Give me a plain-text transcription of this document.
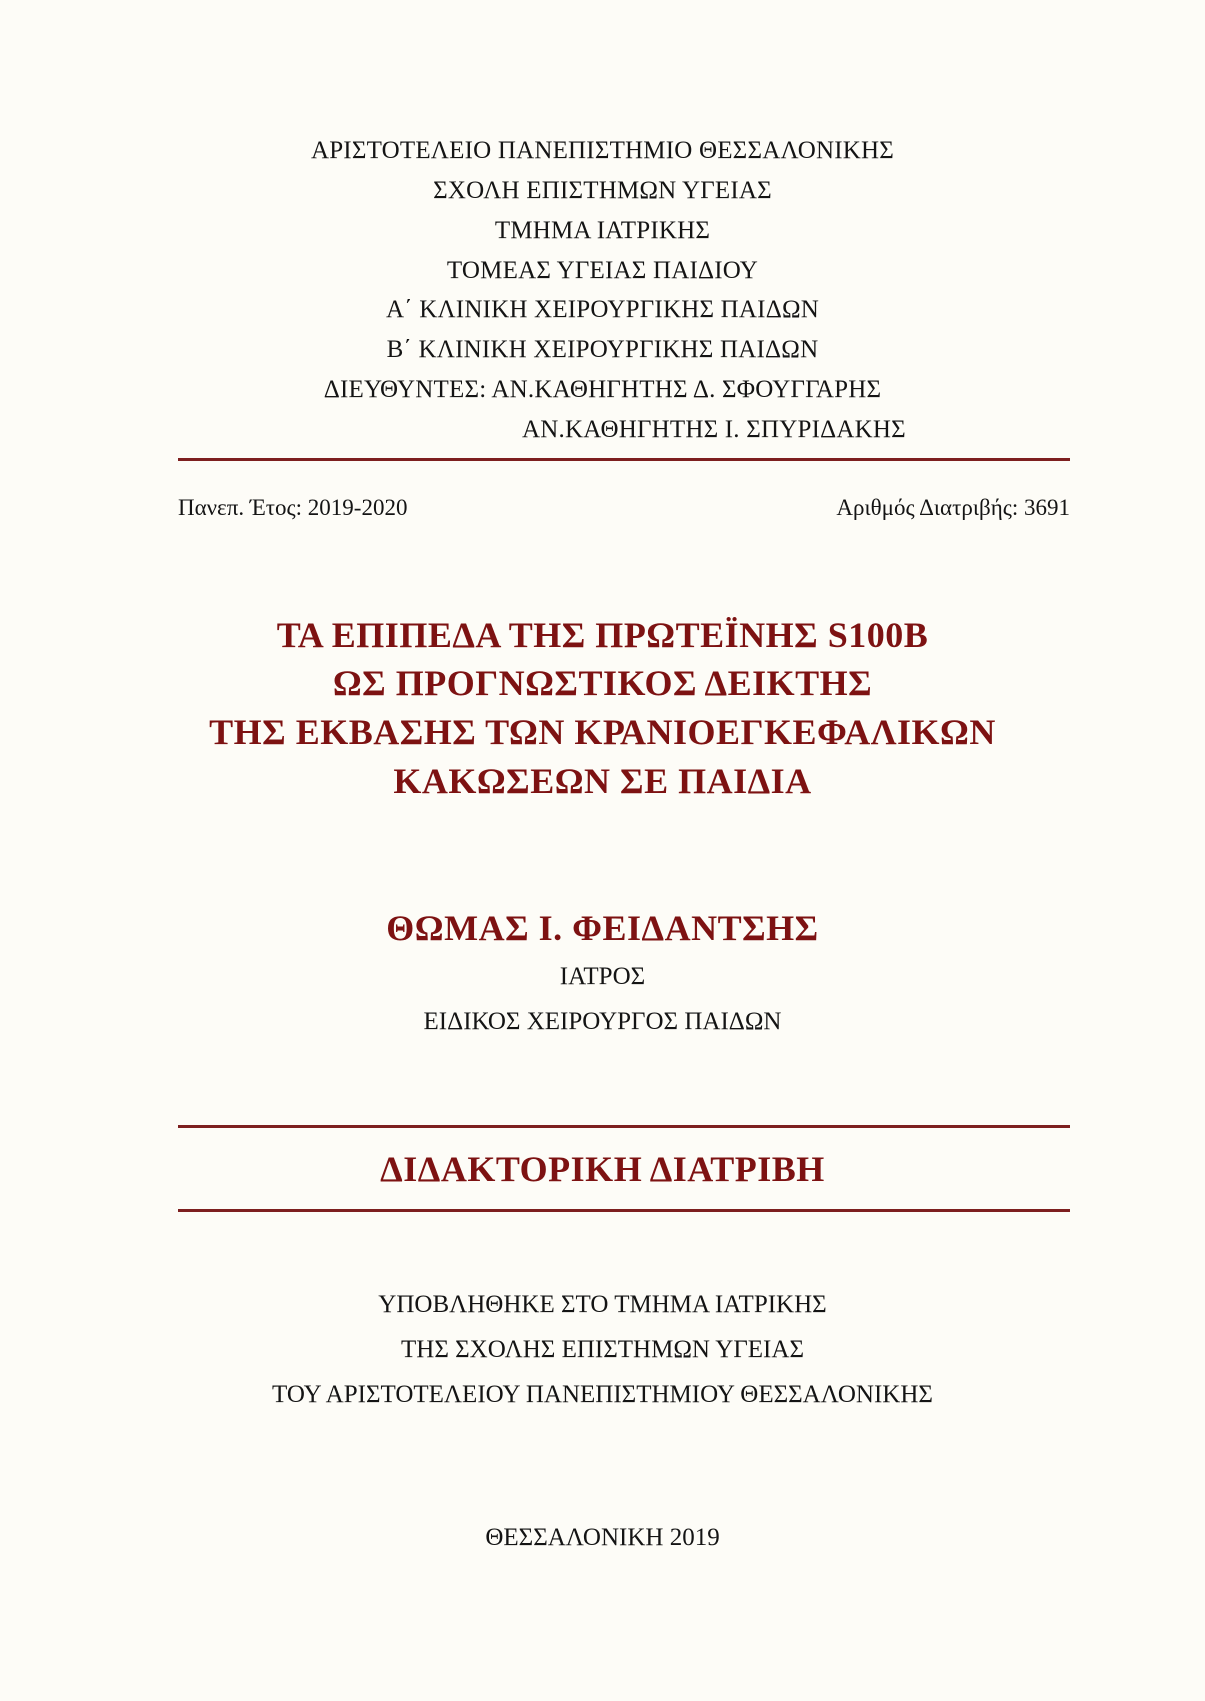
ΑΡΙΣΤΟΤΕΛΕΙΟ ΠΑΝΕΠΙΣΤΗΜΙΟ ΘΕΣΣΑΛΟΝΙΚΗΣ
ΣΧΟΛΗ ΕΠΙΣΤΗΜΩΝ ΥΓΕΙΑΣ
ΤΜΗΜΑ ΙΑΤΡΙΚΗΣ
ΤΟΜΕΑΣ ΥΓΕΙΑΣ ΠΑΙΔΙΟΥ
Α΄ ΚΛΙΝΙΚΗ ΧΕΙΡΟΥΡΓΙΚΗΣ ΠΑΙΔΩΝ
Β΄ ΚΛΙΝΙΚΗ ΧΕΙΡΟΥΡΓΙΚΗΣ ΠΑΙΔΩΝ
ΔΙΕΥΘΥΝΤΕΣ: ΑΝ.ΚΑΘΗΓΗΤΗΣ Δ. ΣΦΟΥΓΓΑΡΗΣ
ΑΝ.ΚΑΘΗΓΗΤΗΣ Ι. ΣΠΥΡΙΔΑΚΗΣ
Πανεπ. Έτος: 2019-2020	Αριθμός Διατριβής: 3691
ΤΑ ΕΠΙΠΕΔΑ ΤΗΣ ΠΡΩΤΕΪΝΗΣ S100B
ΩΣ ΠΡΟΓΝΩΣΤΙΚΟΣ ΔΕΙΚΤΗΣ
ΤΗΣ ΕΚΒΑΣΗΣ ΤΩΝ ΚΡΑΝΙΟΕΓΚΕΦΑΛΙΚΩΝ
ΚΑΚΩΣΕΩΝ ΣΕ ΠΑΙΔΙΑ
ΘΩΜΑΣ Ι. ΦΕΙΔΑΝΤΣΗΣ
ΙΑΤΡΟΣ
ΕΙΔΙΚΟΣ ΧΕΙΡΟΥΡΓΟΣ ΠΑΙΔΩΝ
ΔΙΔΑΚΤΟΡΙΚΗ ΔΙΑΤΡΙΒΗ
ΥΠΟΒΛΗΘΗΚΕ ΣΤΟ ΤΜΗΜΑ ΙΑΤΡΙΚΗΣ
ΤΗΣ ΣΧΟΛΗΣ ΕΠΙΣΤΗΜΩΝ ΥΓΕΙΑΣ
ΤΟΥ ΑΡΙΣΤΟΤΕΛΕΙΟΥ ΠΑΝΕΠΙΣΤΗΜΙΟΥ ΘΕΣΣΑΛΟΝΙΚΗΣ
ΘΕΣΣΑΛΟΝΙΚΗ 2019
